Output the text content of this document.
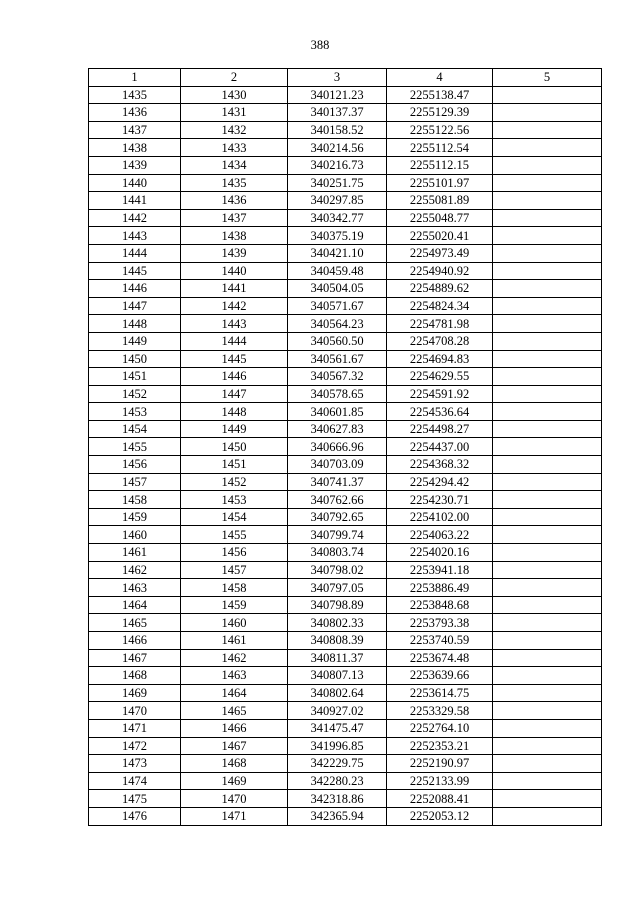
388
1	2	3	4	5
1435	1430	340121.23	2255138.47	
1436	1431	340137.37	2255129.39	
1437	1432	340158.52	2255122.56	
1438	1433	340214.56	2255112.54	
1439	1434	340216.73	2255112.15	
1440	1435	340251.75	2255101.97	
1441	1436	340297.85	2255081.89	
1442	1437	340342.77	2255048.77	
1443	1438	340375.19	2255020.41	
1444	1439	340421.10	2254973.49	
1445	1440	340459.48	2254940.92	
1446	1441	340504.05	2254889.62	
1447	1442	340571.67	2254824.34	
1448	1443	340564.23	2254781.98	
1449	1444	340560.50	2254708.28	
1450	1445	340561.67	2254694.83	
1451	1446	340567.32	2254629.55	
1452	1447	340578.65	2254591.92	
1453	1448	340601.85	2254536.64	
1454	1449	340627.83	2254498.27	
1455	1450	340666.96	2254437.00	
1456	1451	340703.09	2254368.32	
1457	1452	340741.37	2254294.42	
1458	1453	340762.66	2254230.71	
1459	1454	340792.65	2254102.00	
1460	1455	340799.74	2254063.22	
1461	1456	340803.74	2254020.16	
1462	1457	340798.02	2253941.18	
1463	1458	340797.05	2253886.49	
1464	1459	340798.89	2253848.68	
1465	1460	340802.33	2253793.38	
1466	1461	340808.39	2253740.59	
1467	1462	340811.37	2253674.48	
1468	1463	340807.13	2253639.66	
1469	1464	340802.64	2253614.75	
1470	1465	340927.02	2253329.58	
1471	1466	341475.47	2252764.10	
1472	1467	341996.85	2252353.21	
1473	1468	342229.75	2252190.97	
1474	1469	342280.23	2252133.99	
1475	1470	342318.86	2252088.41	
1476	1471	342365.94	2252053.12	
